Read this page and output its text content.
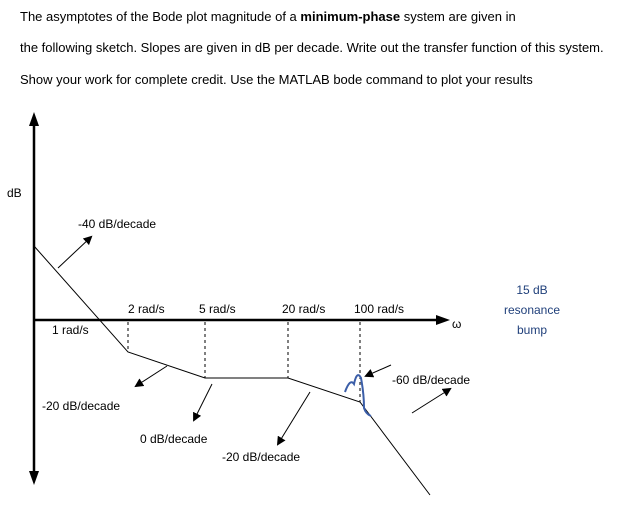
The asymptotes of the Bode plot magnitude of a minimum-phase system are given in

the following sketch. Slopes are given in dB per decade. Write out the transfer function of this system.

Show your work for complete credit. Use the MATLAB bode command to plot your results

dB
ω
1 rad/s
2 rad/s	5 rad/s	20 rad/s 100 rad/s
-40 dB/decade
-20 dB/decade
0 dB/decade
-20 dB/decade
-60 dB/decade
15 dB
resonance
bump
